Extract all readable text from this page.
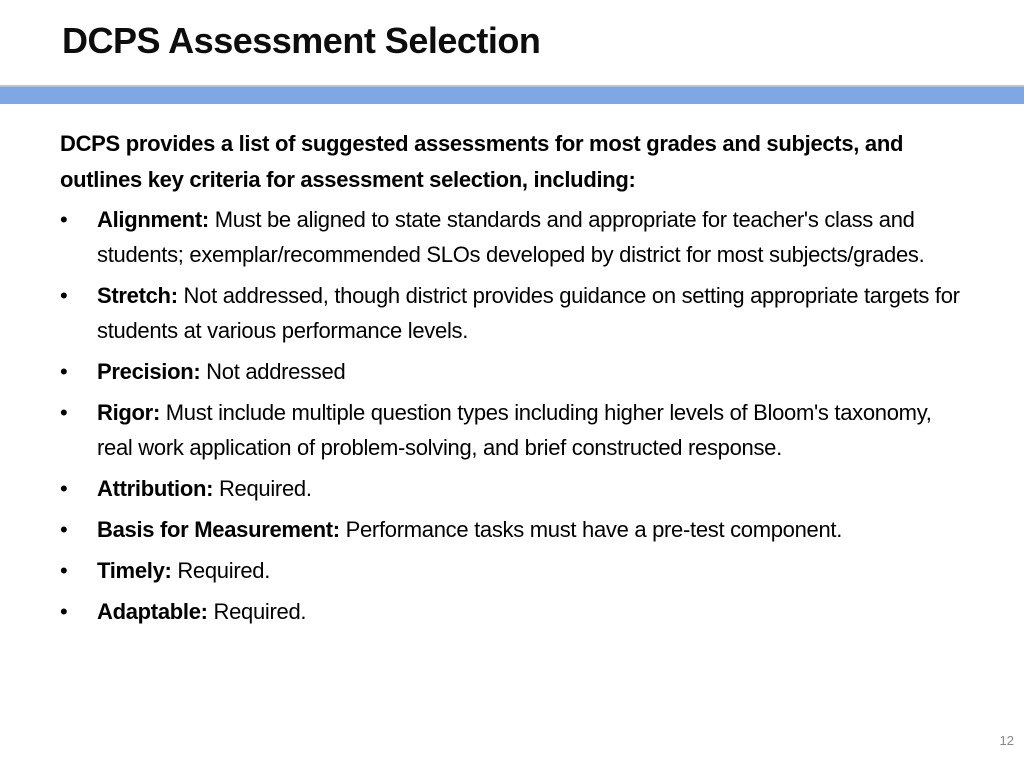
DCPS Assessment Selection

DCPS provides a list of suggested assessments for most grades and subjects, and outlines key criteria for assessment selection, including:

•	Alignment: Must be aligned to state standards and appropriate for teacher's class and students; exemplar/recommended SLOs developed by district for most subjects/grades.
•	Stretch: Not addressed, though district provides guidance on setting appropriate targets for students at various performance levels.
•	Precision: Not addressed
•	Rigor: Must include multiple question types including higher levels of Bloom's taxonomy, real work application of problem-solving, and brief constructed response.
•	Attribution: Required.
•	Basis for Measurement: Performance tasks must have a pre-test component.
•	Timely: Required.
•	Adaptable: Required.
12
